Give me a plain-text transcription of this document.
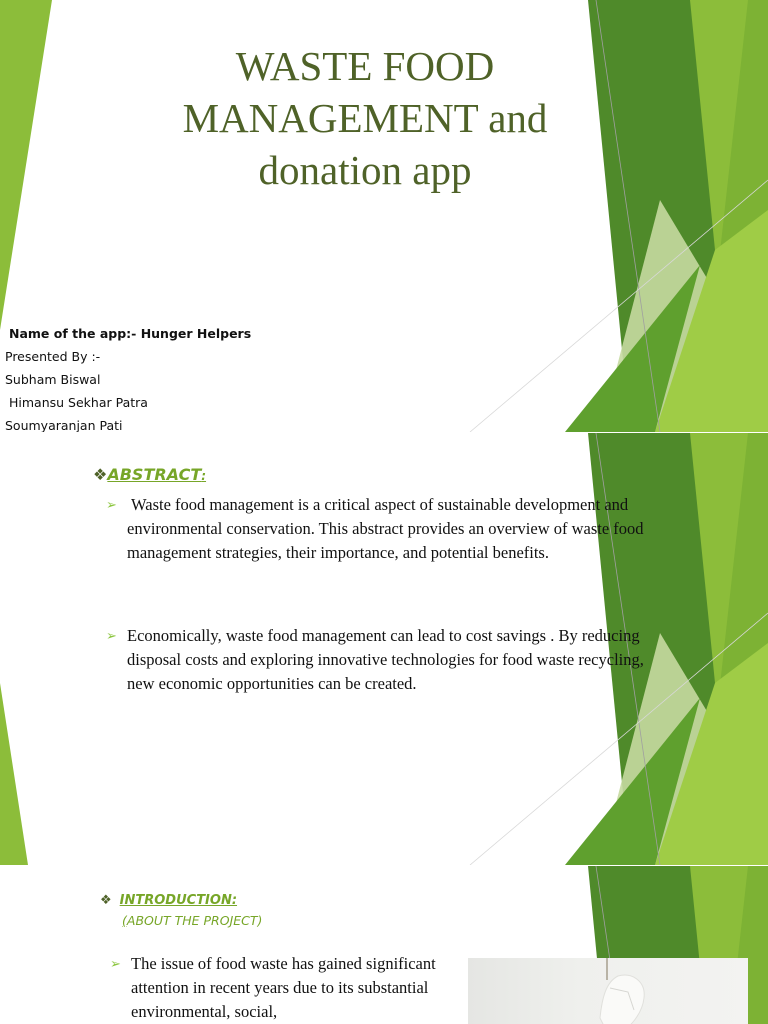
WASTE FOOD
MANAGEMENT and
donation app
Name of the app:- Hunger Helpers
Presented By :-
Subham Biswal
Himansu Sekhar Patra
Soumyaranjan Pati
❖ABSTRACT:
➢ Waste food management is a critical aspect of sustainable development and environmental conservation. This abstract provides an overview of waste food management strategies, their importance, and potential benefits.

➢ Economically, waste food management can lead to cost savings . By reducing disposal costs and exploring innovative technologies for food waste recycling, new economic opportunities can be created.

❖ INTRODUCTION:
(ABOUT THE PROJECT)
➢ The issue of food waste has gained significant attention in recent years due to its substantial environmental, social,
